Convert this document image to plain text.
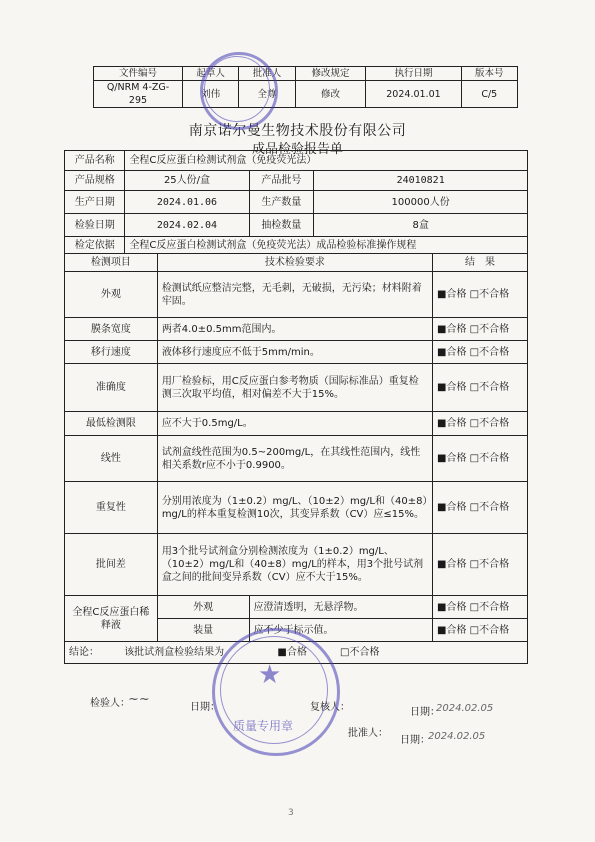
文件编号	起草人	批准人	修改规定	执行日期	版本号
Q/NRM 4-ZG-295	刘伟	全尊	修改	2024.01.01	C/5
南京诺尔曼生物技术股份有限公司
成品检验报告单
产品名称	全程C反应蛋白检测试剂盒（免疫荧光法）				
产品规格	25人份/盒		产品批号	24010821	
生产日期	2024.01.06		生产数量	100000人份	
检验日期	2024.02.04		抽检数量	8盒	
检定依据	全程C反应蛋白检测试剂盒（免疫荧光法）成品检验标准操作规程				
检测项目		技术检验要求			结　果
外观		检测试纸应整洁完整，无毛刺，无破损，无污染；材料附着牢固。			■合格 □不合格
膜条宽度		两者4.0±0.5mm范围内。			■合格 □不合格
移行速度		液体移行速度应不低于5mm/min。			■合格 □不合格
准确度		用厂检验标，用C反应蛋白参考物质（国际标准品）重复检测三次取平均值，相对偏差不大于15%。			■合格 □不合格
最低检测限		应不大于0.5mg/L。			■合格 □不合格
线性		试剂盒线性范围为0.5~200mg/L，在其线性范围内，线性相关系数r应不小于0.9900。			■合格 □不合格
重复性		分别用浓度为（1±0.2）mg/L、（10±2）mg/L和（40±8）mg/L的样本重复检测10次，其变异系数（CV）应≤15%。			■合格 □不合格
批间差		用3个批号试剂盒分别检测浓度为（1±0.2）mg/L、（10±2）mg/L和（40±8）mg/L的样本，用3个批号试剂盒之间的批间变异系数（CV）应不大于15%。			■合格 □不合格
全程C反应蛋白稀释液		外观	应澄清透明，无悬浮物。		■合格 □不合格
		装量	应不少于标示值。		■合格 □不合格
结论： 该批试剂盒检验结果为 ■合格 □不合格					
检验人：
~~
日期：	复核人：	日期：
2024.02.05
批准人：
日期：
2024.02.05
★
质量专用章
3
